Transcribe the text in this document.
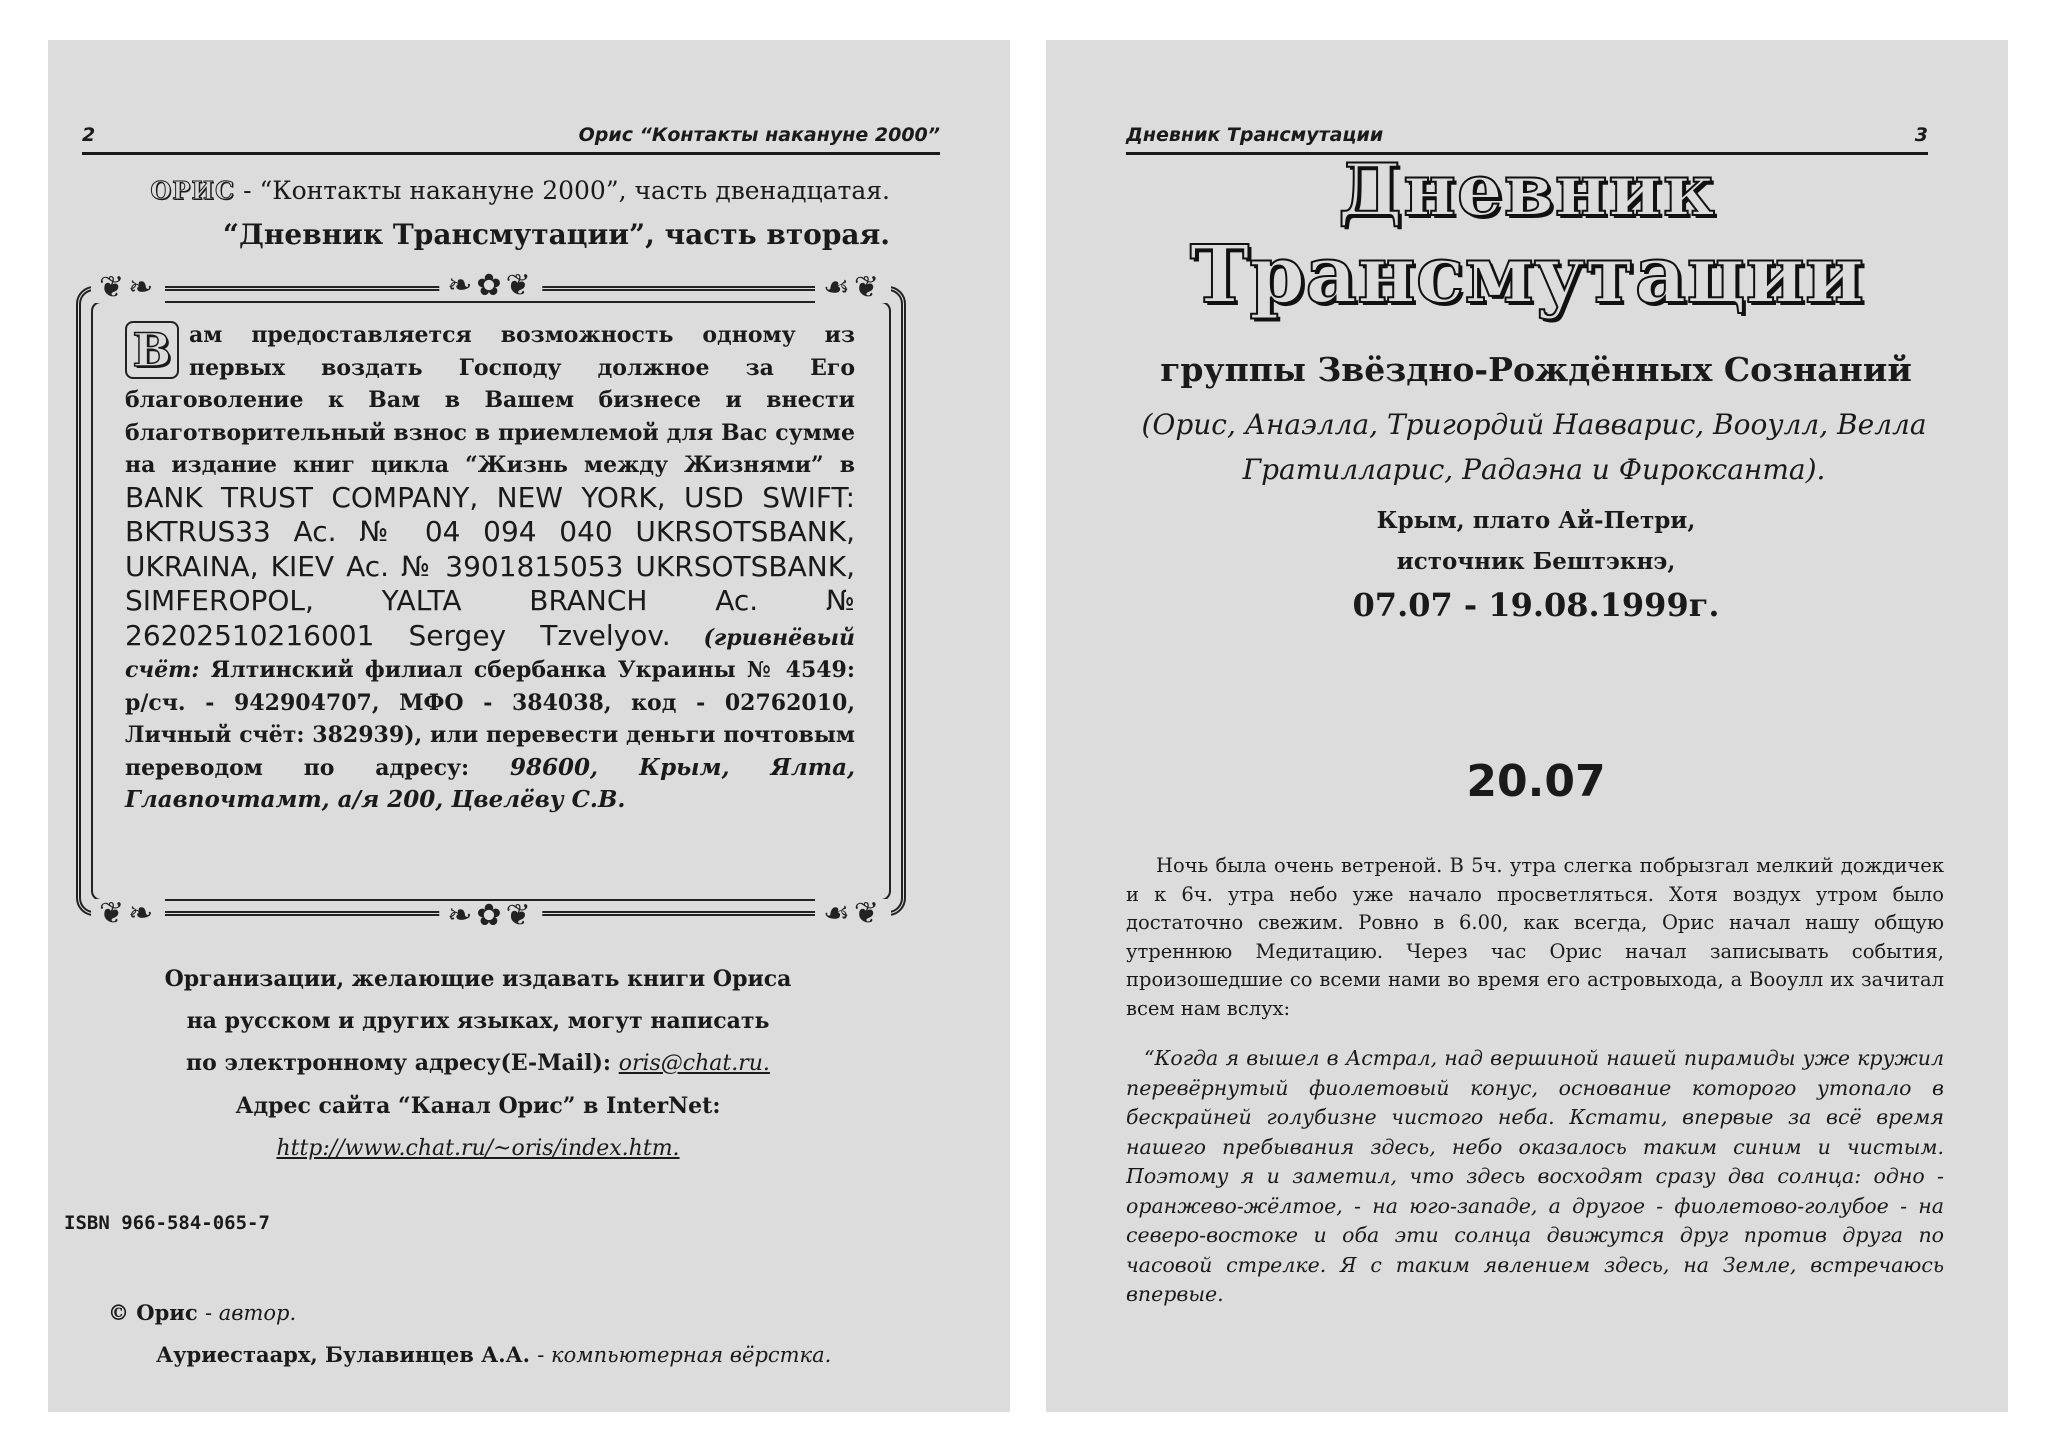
2	Орис “Контакты накануне 2000”
ОРИС - “Контакты накануне 2000”, часть двенадцатая.
“Дневник Трансмутации”, часть вторая.
❦❧	❧✿❦	☙❦
❦❧	❧✿❦	☙❦
В ам предоставляется возможность одному из первых воздать Господу должное за Его благоволение к Вам в Вашем бизнесе и внести благотворительный взнос в приемлемой для Вас сумме на издание книг цикла “Жизнь между Жизнями” в BANK TRUST COMPANY, NEW YORK, USD SWIFT: BKTRUS33 Ac. № 04 094 040 UKRSOTSBANK, UKRAINA, KIEV Ac. № 3901815053 UKRSOTSBANK, SIMFEROPOL, YALTA BRANCH Ac. № 26202510216001 Sergey Tzvelyov. (гривнёвый счёт: Ялтинский филиал сбербанка Украины № 4549: р/сч. - 942904707, МФО - 384038, код - 02762010, Личный счёт: 382939), или перевести деньги почтовым переводом по адресу: 98600, Крым, Ялта, Главпочтамт, а/я 200, Цвелёву С.В.
Организации, желающие издавать книги Ориса
на русском и других языках, могут написать
по электронному адресу(E-Mail): oris@chat.ru.
Адрес сайта “Канал Орис” в InterNet:
http://www.chat.ru/~oris/index.htm.
ISBN 966-584-065-7
© Орис - автор.
Ауриестаарх, Булавинцев А.А. - компьютерная вёрстка.
Дневник Трансмутации	3
Дневник
Трансмутации
группы Звёздно-Рождённых Сознаний
(Орис, Анаэлла, Тригордий Навварис, Вооулл, Велла Гратилларис, Радаэна и Фироксанта).
Крым, плато Ай-Петри,
источник Бештэкнэ,
07.07 - 19.08.1999г.
20.07
Ночь была очень ветреной. В 5ч. утра слегка побрызгал мелкий дождичек и к 6ч. утра небо уже начало просветляться. Хотя воздух утром было достаточно свежим. Ровно в 6.00, как всегда, Орис начал нашу общую утреннюю Медитацию. Через час Орис начал записывать события, произошедшие со всеми нами во время его астровыхода, а Вооулл их зачитал всем нам вслух:
“Когда я вышел в Астрал, над вершиной нашей пирамиды уже кружил перевёрнутый фиолетовый конус, основание которого утопало в бескрайней голубизне чистого неба. Кстати, впервые за всё время нашего пребывания здесь, небо оказалось таким синим и чистым. Поэтому я и заметил, что здесь восходят сразу два солнца: одно - оранжево-жёлтое, - на юго-западе, а другое - фиолетово-голубое - на северо-востоке и оба эти солнца движутся друг против друга по часовой стрелке. Я с таким явлением здесь, на Земле, встречаюсь впервые.
